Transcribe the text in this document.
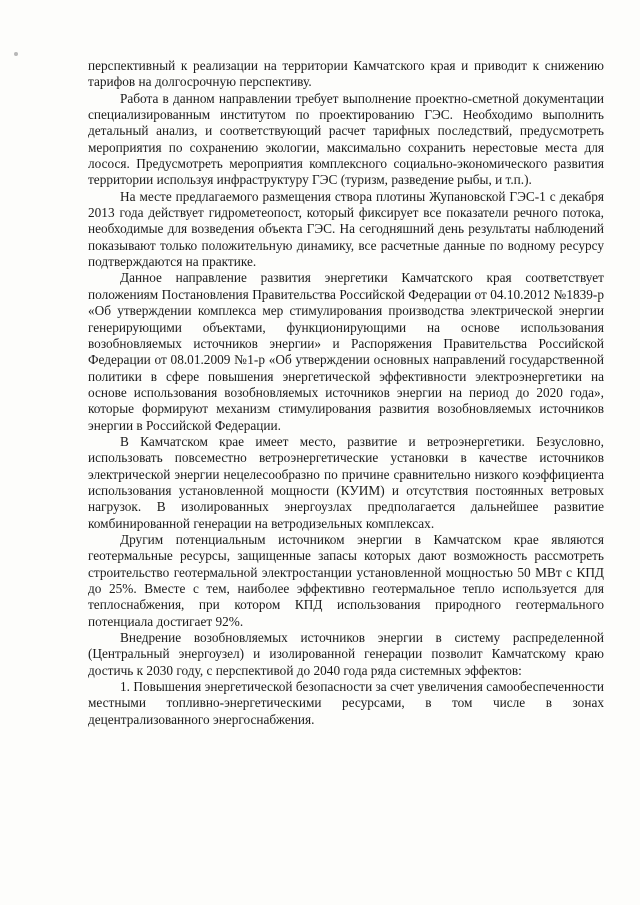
перспективный к реализации на территории Камчатского края и приводит к снижению тарифов на долгосрочную перспективу.

Работа в данном направлении требует выполнение проектно-сметной документации специализированным институтом по проектированию ГЭС. Необходимо выполнить детальный анализ, и соответствующий расчет тарифных последствий, предусмотреть мероприятия по сохранению экологии, максимально сохранить нерестовые места для лосося. Предусмотреть мероприятия комплексного социально-экономического развития территории используя инфраструктуру ГЭС (туризм, разведение рыбы, и т.п.).

На месте предлагаемого размещения створа плотины Жупановской ГЭС-1 с декабря 2013 года действует гидрометеопост, который фиксирует все показатели речного потока, необходимые для возведения объекта ГЭС. На сегодняшний день результаты наблюдений показывают только положительную динамику, все расчетные данные по водному ресурсу подтверждаются на практике.

Данное направление развития энергетики Камчатского края соответствует положениям Постановления Правительства Российской Федерации от 04.10.2012 №1839-р «Об утверждении комплекса мер стимулирования производства электрической энергии генерирующими объектами, функционирующими на основе использования возобновляемых источников энергии» и Распоряжения Правительства Российской Федерации от 08.01.2009 №1-р «Об утверждении основных направлений государственной политики в сфере повышения энергетической эффективности электроэнергетики на основе использования возобновляемых источников энергии на период до 2020 года», которые формируют механизм стимулирования развития возобновляемых источников энергии в Российской Федерации.

В Камчатском крае имеет место, развитие и ветроэнергетики. Безусловно, использовать повсеместно ветроэнергетические установки в качестве источников электрической энергии нецелесообразно по причине сравнительно низкого коэффициента использования установленной мощности (КУИМ) и отсутствия постоянных ветровых нагрузок. В изолированных энергоузлах предполагается дальнейшее развитие комбинированной генерации на ветродизельных комплексах.

Другим потенциальным источником энергии в Камчатском крае являются геотермальные ресурсы, защищенные запасы которых дают возможность рассмотреть строительство геотермальной электростанции установленной мощностью 50 МВт с КПД до 25%. Вместе с тем, наиболее эффективно геотермальное тепло используется для теплоснабжения, при котором КПД использования природного геотермального потенциала достигает 92%.

Внедрение возобновляемых источников энергии в систему распределенной (Центральный энергоузел) и изолированной генерации позволит Камчатскому краю достичь к 2030 году, с перспективой до 2040 года ряда системных эффектов:

1. Повышения энергетической безопасности за счет увеличения самообеспеченности местными топливно-энергетическими ресурсами, в том числе в зонах децентрализованного энергоснабжения.
